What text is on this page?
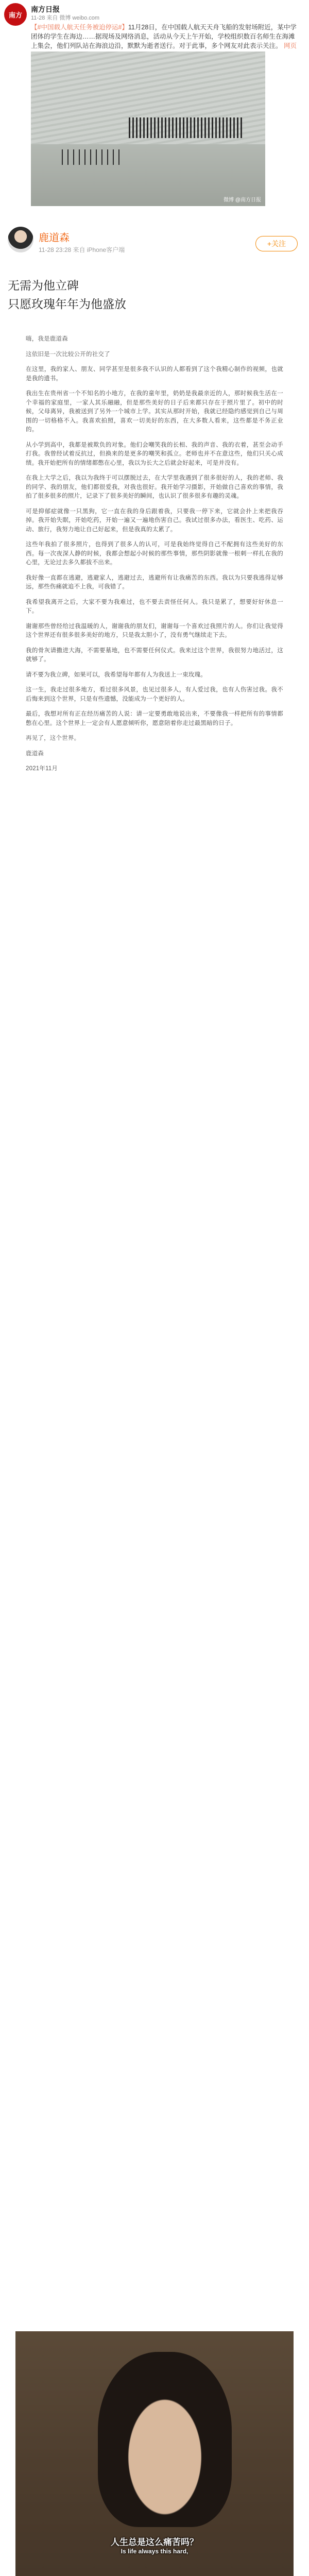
南方
南方日报
11-28 来自 微博 weibo.com
【#中国载人航天任务被迫停运#】11月28日，在中国载人航天天舟飞船的发射场附近，某中学团体的学生在海边……据现场及网络消息，活动从今天上午开始，学校组织数百名师生在海滩上集会，他们列队站在海浪边沿，默默为逝者送行。对于此事，多个网友对此表示关注。 网页
微博 @南方日报
鹿道森
11-28 23:28 来自 iPhone客户端
+关注
无需为他立碑
只愿玫瑰年年为他盛放

嗨，我是鹿道森

这依旧是一次比较公开的社交了

在这里，我的家人、朋友、同学甚至是很多我不认识的人都看到了这个我精心制作的视频，也就是我的遗书。

我出生在贵州省一个不知名的小地方，在我的童年里，奶奶是我最亲近的人，那时候我生活在一个幸福的家庭里，一家人其乐融融，但是那些美好的日子后来都只存在于照片里了。初中的时候，父母离异，我被送到了另外一个城市上学。其实从那时开始，我就已经隐约感觉到自己与周围的一切格格不入。我喜欢拍照，喜欢一切美好的东西，在大多数人看来，这些都是不务正业的。

从小学到高中，我都是被欺负的对象。他们会嘲笑我的长相、我的声音、我的衣着，甚至会动手打我。我曾经试着反抗过，但换来的是更多的嘲笑和孤立。老师也并不在意这些，他们只关心成绩。我开始把所有的情绪都憋在心里，我以为长大之后就会好起来，可是并没有。

在我上大学之后，我以为我终于可以摆脱过去，在大学里我遇到了很多很好的人，我的老师、我的同学、我的朋友，他们都很爱我，对我也很好。我开始学习摄影，开始做自己喜欢的事情，我拍了很多很多的照片，记录下了很多美好的瞬间，也认识了很多很多有趣的灵魂。

可是抑郁症就像一只黑狗，它一直在我的身后跟着我，只要我一停下来，它就会扑上来把我吞掉。我开始失眠，开始吃药，开始一遍又一遍地伤害自己。我试过很多办法，看医生、吃药、运动、旅行，我努力地让自己好起来，但是我真的太累了。

这些年我拍了很多照片，也得到了很多人的认可，可是我始终觉得自己不配拥有这些美好的东西。每一次夜深人静的时候，我都会想起小时候的那些事情，那些阴影就像一根刺一样扎在我的心里，无论过去多久都拔不出来。

我好像一直都在逃避，逃避家人，逃避过去，逃避所有让我痛苦的东西。我以为只要我逃得足够远，那些伤痛就追不上我，可我错了。

我希望我离开之后，大家不要为我难过，也不要去责怪任何人。我只是累了，想要好好休息一下。

谢谢那些曾经给过我温暖的人，谢谢我的朋友们，谢谢每一个喜欢过我照片的人。你们让我觉得这个世界还有很多很多美好的地方，只是我太胆小了，没有勇气继续走下去。

我的骨灰请撒进大海，不需要墓地，也不需要任何仪式。我来过这个世界，我很努力地活过，这就够了。

请不要为我立碑，如果可以，我希望每年都有人为我送上一束玫瑰。

这一生，我走过很多地方，看过很多风景，也见过很多人，有人爱过我，也有人伤害过我。我不后悔来到这个世界，只是有些遗憾，没能成为一个更好的人。

最后，我想对所有正在经历痛苦的人说：请一定要勇敢地说出来，不要像我一样把所有的事情都憋在心里。这个世界上一定会有人愿意倾听你，愿意陪着你走过最黑暗的日子。

再见了，这个世界。

鹿道森

2021年11月

人生总是这么痛苦吗？
Is life always this hard,
